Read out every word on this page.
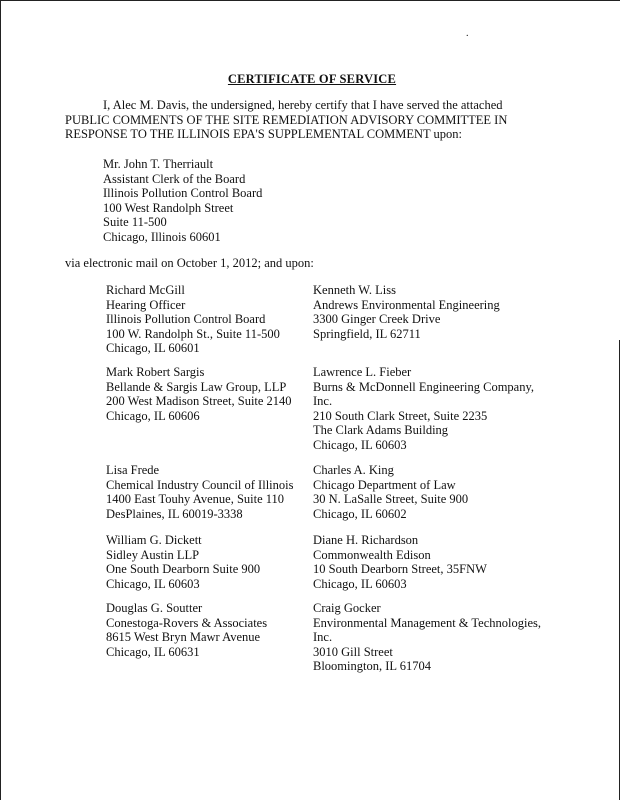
.
CERTIFICATE OF SERVICE
I, Alec M. Davis, the undersigned, hereby certify that I have served the attached
PUBLIC COMMENTS OF THE SITE REMEDIATION ADVISORY COMMITTEE IN
RESPONSE TO THE ILLINOIS EPA'S SUPPLEMENTAL COMMENT upon:
Mr. John T. Therriault
Assistant Clerk of the Board
Illinois Pollution Control Board
100 West Randolph Street
Suite 11-500
Chicago, Illinois 60601
via electronic mail on October 1, 2012; and upon:
Richard McGill
Hearing Officer
Illinois Pollution Control Board
100 W. Randolph St., Suite 11-500
Chicago, IL 60601
Mark Robert Sargis
Bellande & Sargis Law Group, LLP
200 West Madison Street, Suite 2140
Chicago, IL 60606
Lisa Frede
Chemical Industry Council of Illinois
1400 East Touhy Avenue, Suite 110
DesPlaines, IL 60019-3338
William G. Dickett
Sidley Austin LLP
One South Dearborn Suite 900
Chicago, IL 60603
Douglas G. Soutter
Conestoga-Rovers & Associates
8615 West Bryn Mawr Avenue
Chicago, IL 60631
Kenneth W. Liss
Andrews Environmental Engineering
3300 Ginger Creek Drive
Springfield, IL 62711
Lawrence L. Fieber
Burns & McDonnell Engineering Company,
Inc.
210 South Clark Street, Suite 2235
The Clark Adams Building
Chicago, IL 60603
Charles A. King
Chicago Department of Law
30 N. LaSalle Street, Suite 900
Chicago, IL 60602
Diane H. Richardson
Commonwealth Edison
10 South Dearborn Street, 35FNW
Chicago, IL 60603
Craig Gocker
Environmental Management & Technologies,
Inc.
3010 Gill Street
Bloomington, IL 61704
